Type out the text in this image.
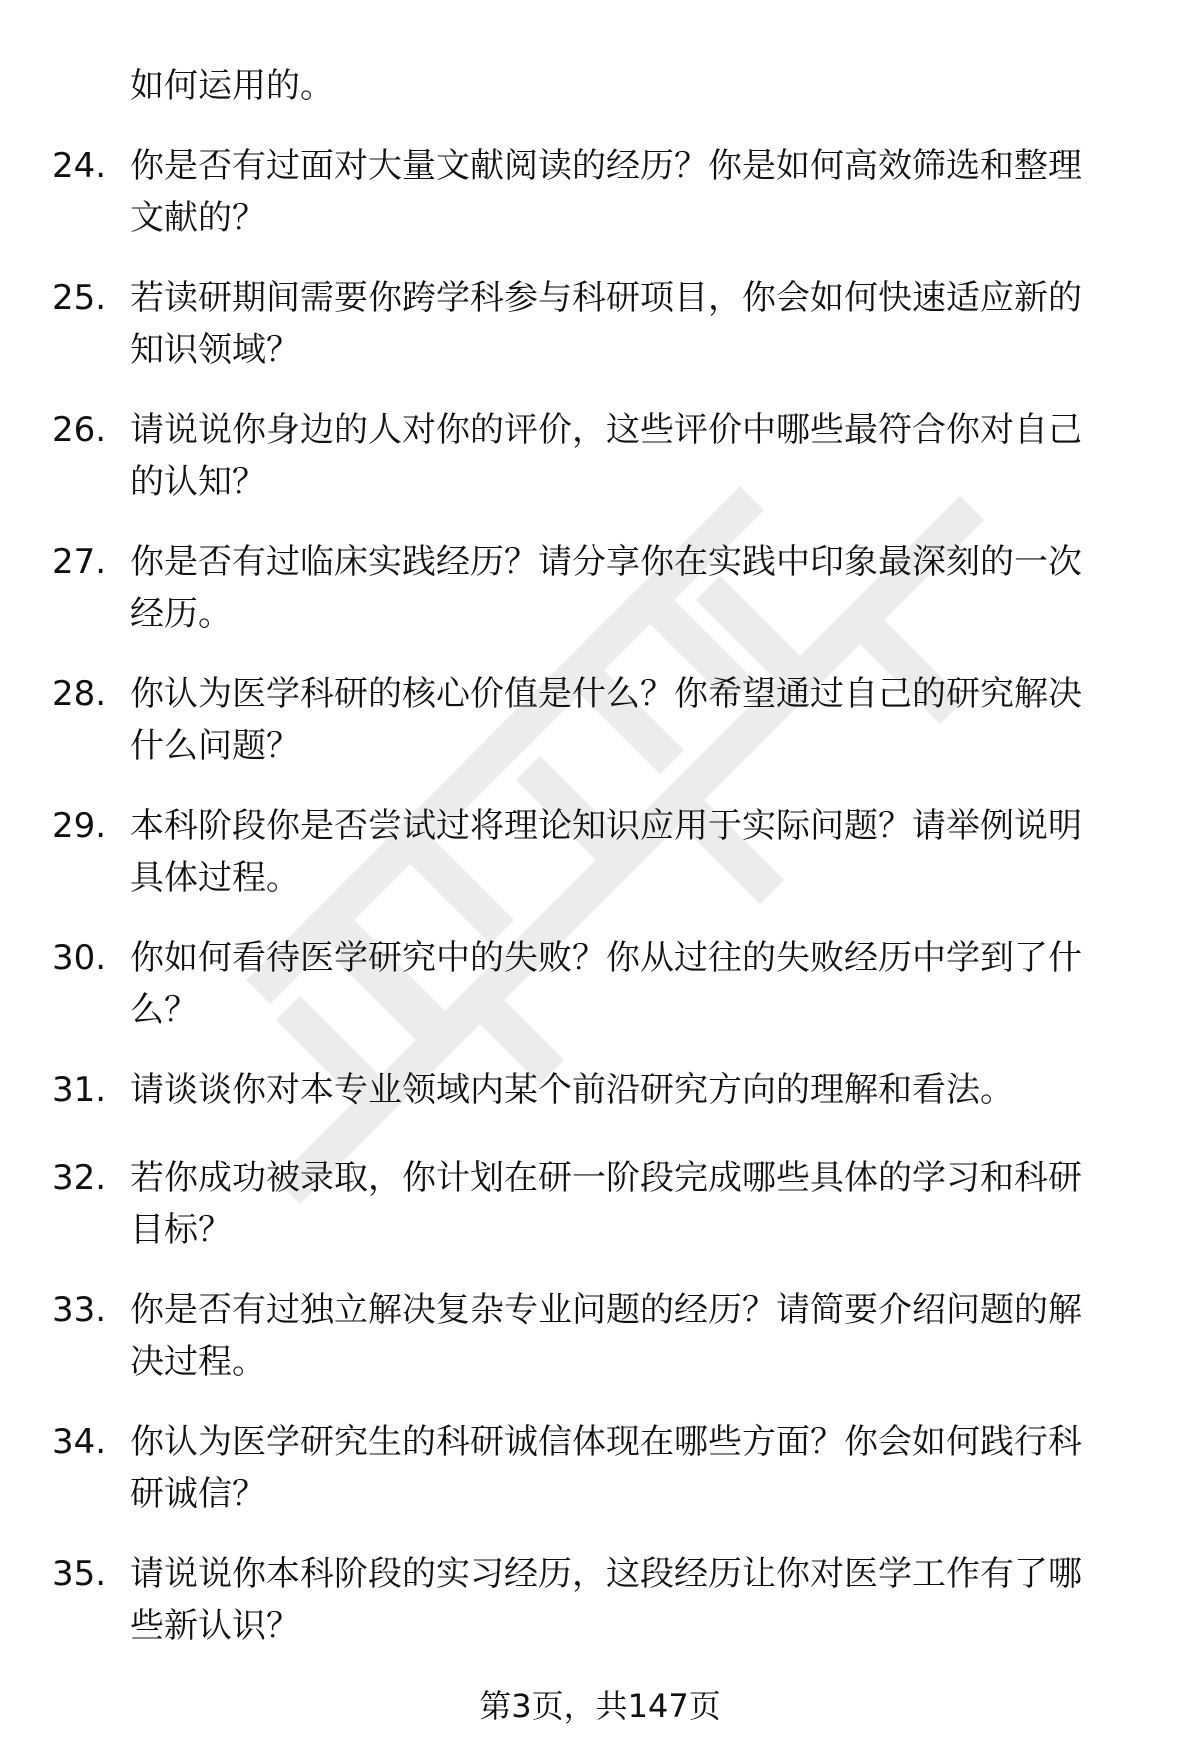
如何运用的。
24. 你是否有过面对大量文献阅读的经历？你是如何高效筛选和整理
文献的？
25. 若读研期间需要你跨学科参与科研项目，你会如何快速适应新的
知识领域？
26. 请说说你身边的人对你的评价，这些评价中哪些最符合你对自己
的认知？
27. 你是否有过临床实践经历？请分享你在实践中印象最深刻的一次
经历。
28. 你认为医学科研的核心价值是什么？你希望通过自己的研究解决
什么问题？
29. 本科阶段你是否尝试过将理论知识应用于实际问题？请举例说明
具体过程。
30. 你如何看待医学研究中的失败？你从过往的失败经历中学到了什
么？
31. 请谈谈你对本专业领域内某个前沿研究方向的理解和看法。
32. 若你成功被录取，你计划在研一阶段完成哪些具体的学习和科研
目标？
33. 你是否有过独立解决复杂专业问题的经历？请简要介绍问题的解
决过程。
34. 你认为医学研究生的科研诚信体现在哪些方面？你会如何践行科
研诚信？
35. 请说说你本科阶段的实习经历，这段经历让你对医学工作有了哪
些新认识？
第3页，共147页
